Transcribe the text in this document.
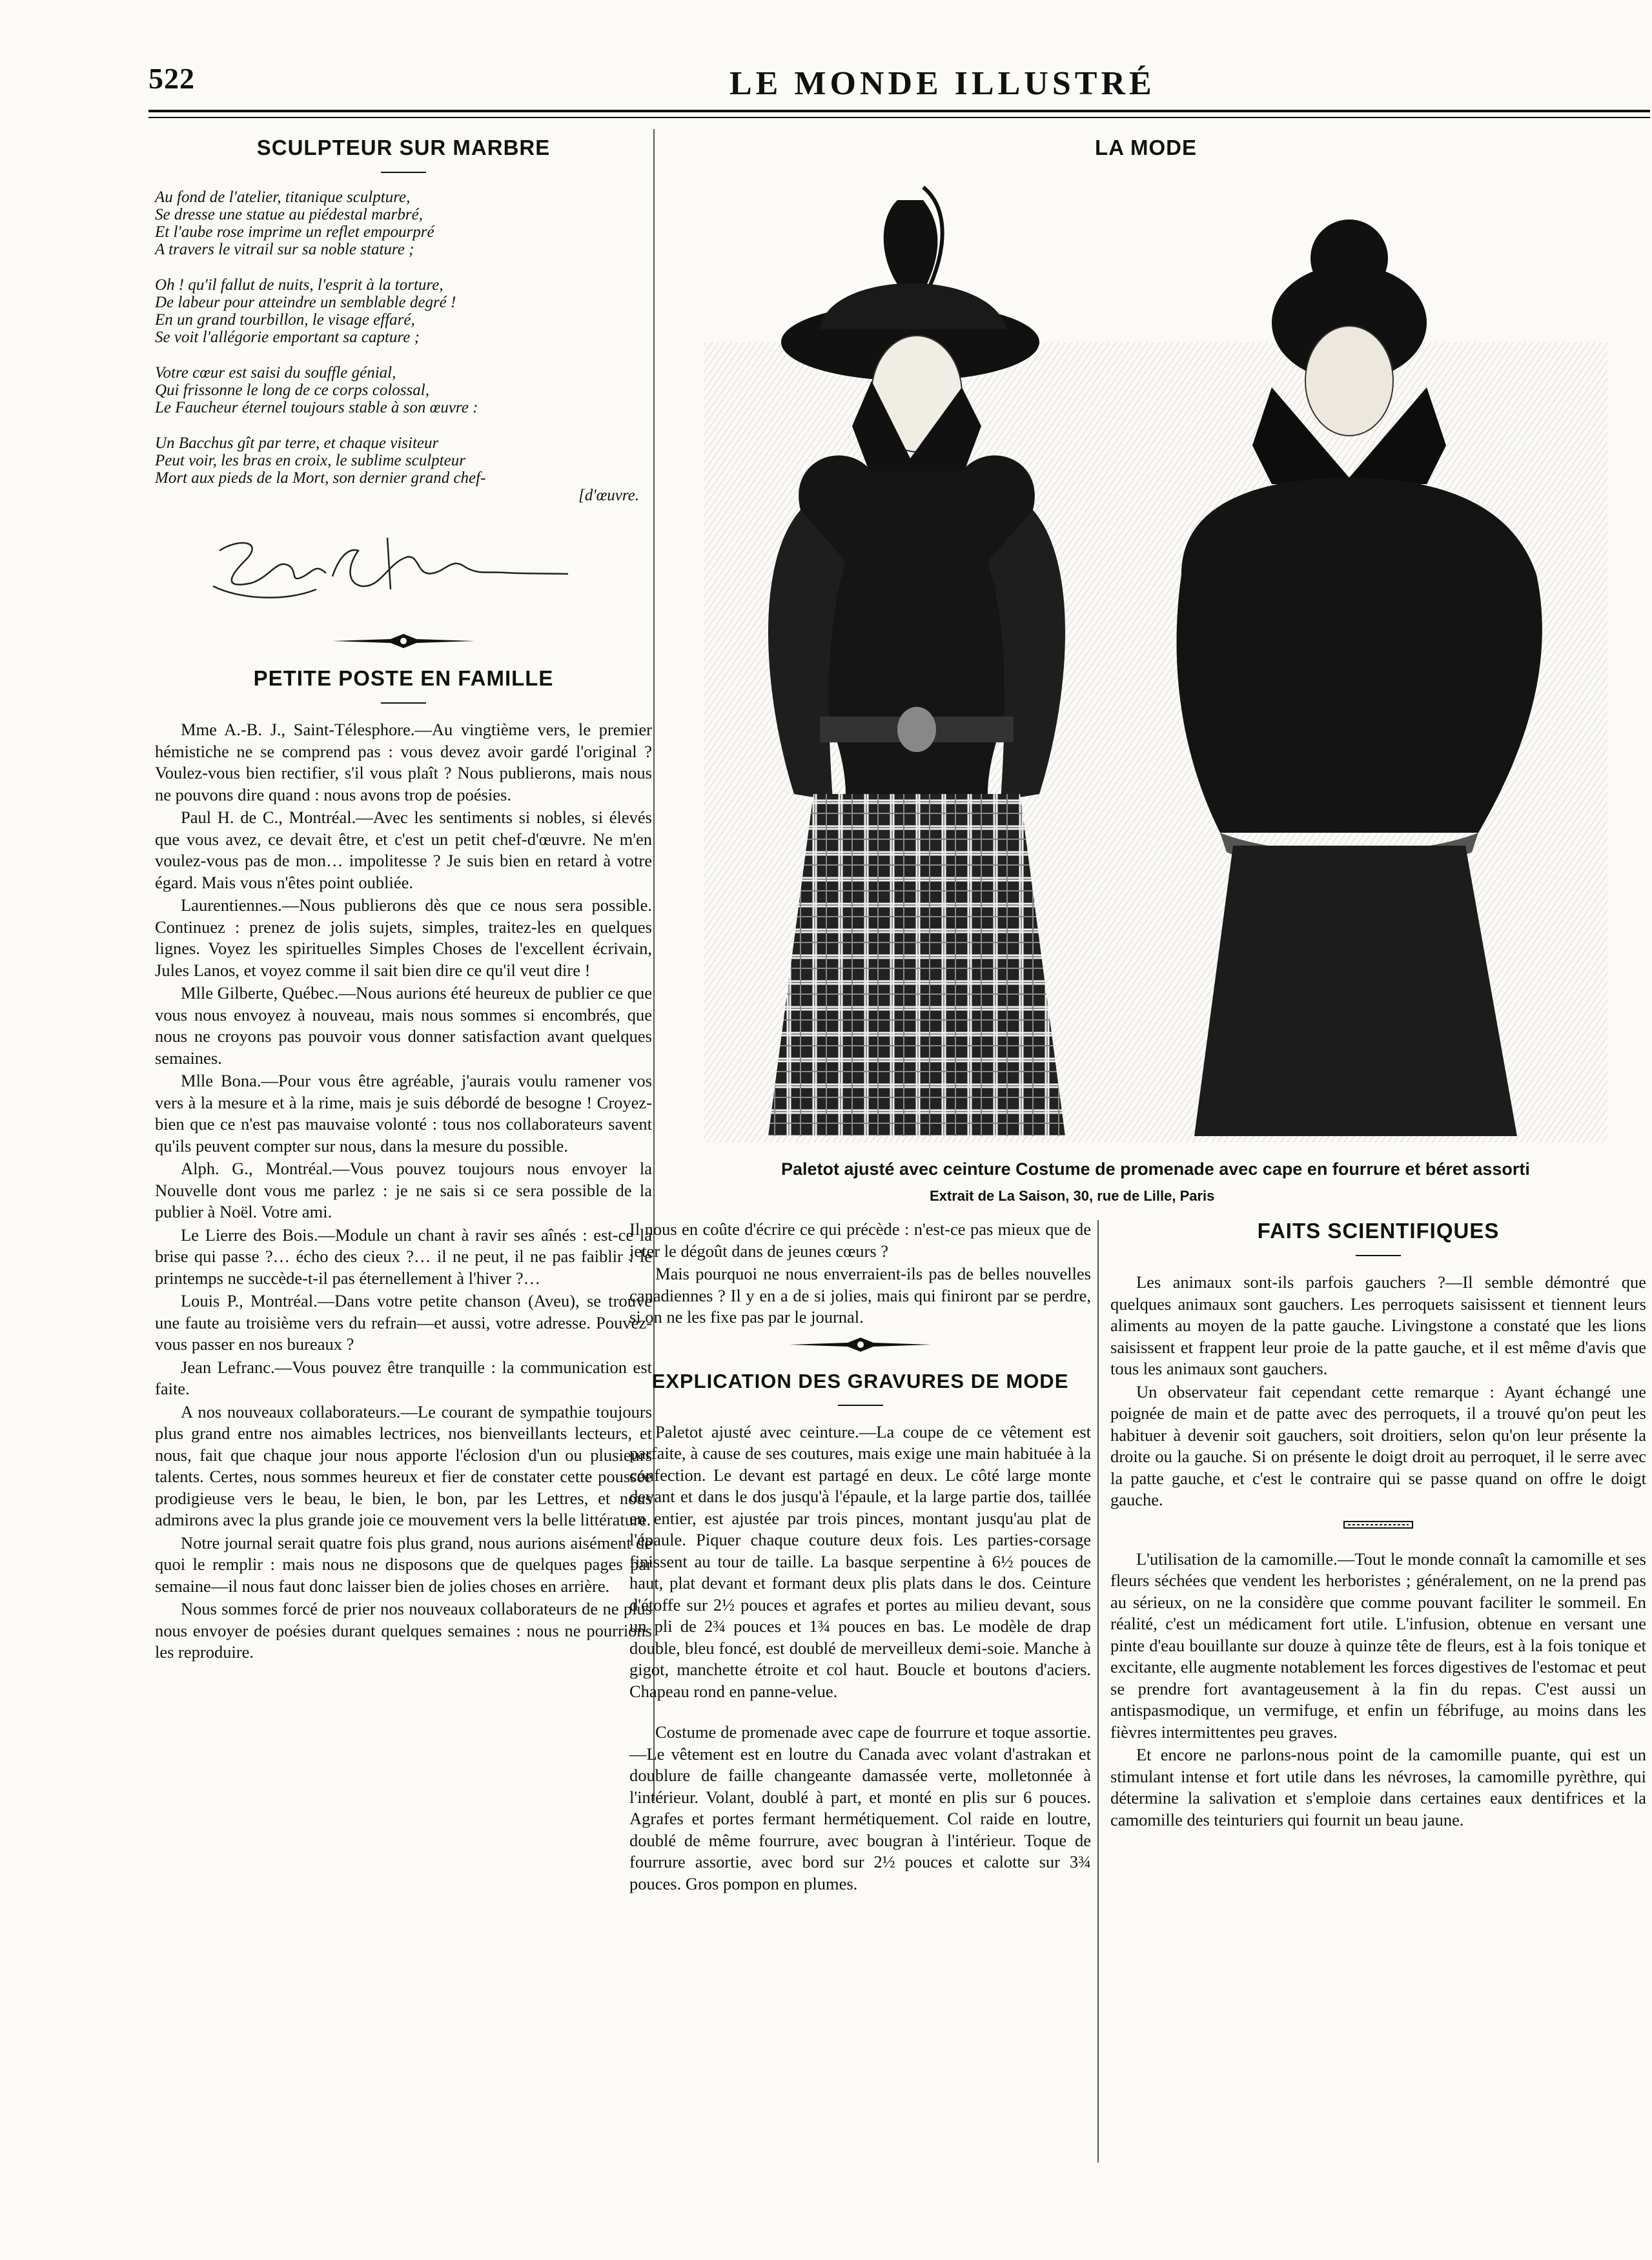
522	LE MONDE ILLUSTRÉ
SCULPTEUR SUR MARBRE

Au fond de l'atelier, titanique sculpture,

Se dresse une statue au piédestal marbré,

Et l'aube rose imprime un reflet empourpré

A travers le vitrail sur sa noble stature ;

Oh ! qu'il fallut de nuits, l'esprit à la torture,

De labeur pour atteindre un semblable degré !

En un grand tourbillon, le visage effaré,

Se voit l'allégorie emportant sa capture ;

Votre cœur est saisi du souffle génial,

Qui frissonne le long de ce corps colossal,

Le Faucheur éternel toujours stable à son œuvre :

Un Bacchus gît par terre, et chaque visiteur

Peut voir, les bras en croix, le sublime sculpteur

Mort aux pieds de la Mort, son dernier grand chef-

[d'œuvre.

PETITE POSTE EN FAMILLE

Mme A.-B. J., Saint-Télesphore.—Au vingtième vers, le premier hémistiche ne se comprend pas : vous devez avoir gardé l'original ? Voulez-vous bien rectifier, s'il vous plaît ? Nous publierons, mais nous ne pouvons dire quand : nous avons trop de poésies.

Paul H. de C., Montréal.—Avec les sentiments si nobles, si élevés que vous avez, ce devait être, et c'est un petit chef-d'œuvre. Ne m'en voulez-vous pas de mon… impolitesse ? Je suis bien en retard à votre égard. Mais vous n'êtes point oubliée.

Laurentiennes.—Nous publierons dès que ce nous sera possible. Continuez : prenez de jolis sujets, simples, traitez-les en quelques lignes. Voyez les spirituelles Simples Choses de l'excellent écrivain, Jules Lanos, et voyez comme il sait bien dire ce qu'il veut dire !

Mlle Gilberte, Québec.—Nous aurions été heureux de publier ce que vous nous envoyez à nouveau, mais nous sommes si encombrés, que nous ne croyons pas pouvoir vous donner satisfaction avant quelques semaines.

Mlle Bona.—Pour vous être agréable, j'aurais voulu ramener vos vers à la mesure et à la rime, mais je suis débordé de besogne ! Croyez-bien que ce n'est pas mauvaise volonté : tous nos collaborateurs savent qu'ils peuvent compter sur nous, dans la mesure du possible.

Alph. G., Montréal.—Vous pouvez toujours nous envoyer la Nouvelle dont vous me parlez : je ne sais si ce sera possible de la publier à Noël. Votre ami.

Le Lierre des Bois.—Module un chant à ravir ses aînés : est-ce la brise qui passe ?… écho des cieux ?… il ne peut, il ne pas faiblir : le printemps ne succède-t-il pas éternellement à l'hiver ?…

Louis P., Montréal.—Dans votre petite chanson (Aveu), se trouve une faute au troisième vers du refrain—et aussi, votre adresse. Pouvez-vous passer en nos bureaux ?

Jean Lefranc.—Vous pouvez être tranquille : la communication est faite.

A nos nouveaux collaborateurs.—Le courant de sympathie toujours plus grand entre nos aimables lectrices, nos bienveillants lecteurs, et nous, fait que chaque jour nous apporte l'éclosion d'un ou plusieurs talents. Certes, nous sommes heureux et fier de constater cette poussée prodigieuse vers le beau, le bien, le bon, par les Lettres, et nous admirons avec la plus grande joie ce mouvement vers la belle littérature.

Notre journal serait quatre fois plus grand, nous aurions aisément de quoi le remplir : mais nous ne disposons que de quelques pages par semaine—il nous faut donc laisser bien de jolies choses en arrière.

Nous sommes forcé de prier nos nouveaux collaborateurs de ne plus nous envoyer de poésies durant quelques semaines : nous ne pourrions les reproduire.

LA MODE
Paletot ajusté avec ceinture Costume de promenade avec cape en fourrure et béret assorti
Extrait de La Saison, 30, rue de Lille, Paris

Il nous en coûte d'écrire ce qui précède : n'est-ce pas mieux que de jeter le dégoût dans de jeunes cœurs ?

Mais pourquoi ne nous enverraient-ils pas de belles nouvelles canadiennes ? Il y en a de si jolies, mais qui finiront par se perdre, si on ne les fixe pas par le journal.

EXPLICATION DES GRAVURES DE MODE

Paletot ajusté avec ceinture.—La coupe de ce vêtement est parfaite, à cause de ses coutures, mais exige une main habituée à la confection. Le devant est partagé en deux. Le côté large monte devant et dans le dos jusqu'à l'épaule, et la large partie dos, taillée en entier, est ajustée par trois pinces, montant jusqu'au plat de l'épaule. Piquer chaque couture deux fois. Les parties-corsage finissent au tour de taille. La basque serpentine à 6½ pouces de haut, plat devant et formant deux plis plats dans le dos. Ceinture d'étoffe sur 2½ pouces et agrafes et portes au milieu devant, sous un pli de 2¾ pouces et 1¾ pouces en bas. Le modèle de drap double, bleu foncé, est doublé de merveilleux demi-soie. Manche à gigot, manchette étroite et col haut. Boucle et boutons d'aciers. Chapeau rond en panne-velue.

Costume de promenade avec cape de fourrure et toque assortie.—Le vêtement est en loutre du Canada avec volant d'astrakan et doublure de faille changeante damassée verte, molletonnée à l'intérieur. Volant, doublé à part, et monté en plis sur 6 pouces. Agrafes et portes fermant hermétiquement. Col raide en loutre, doublé de même fourrure, avec bougran à l'intérieur. Toque de fourrure assortie, avec bord sur 2½ pouces et calotte sur 3¾ pouces. Gros pompon en plumes.

FAITS SCIENTIFIQUES

Les animaux sont-ils parfois gauchers ?—Il semble démontré que quelques animaux sont gauchers. Les perroquets saisissent et tiennent leurs aliments au moyen de la patte gauche. Livingstone a constaté que les lions saisissent et frappent leur proie de la patte gauche, et il est même d'avis que tous les animaux sont gauchers.

Un observateur fait cependant cette remarque : Ayant échangé une poignée de main et de patte avec des perroquets, il a trouvé qu'on peut les habituer à devenir soit gauchers, soit droitiers, selon qu'on leur présente la droite ou la gauche. Si on présente le doigt droit au perroquet, il le serre avec la patte gauche, et c'est le contraire qui se passe quand on offre le doigt gauche.

L'utilisation de la camomille.—Tout le monde connaît la camomille et ses fleurs séchées que vendent les herboristes ; généralement, on ne la prend pas au sérieux, on ne la considère que comme pouvant faciliter le sommeil. En réalité, c'est un médicament fort utile. L'infusion, obtenue en versant une pinte d'eau bouillante sur douze à quinze tête de fleurs, est à la fois tonique et excitante, elle augmente notablement les forces digestives de l'estomac et peut se prendre fort avantageusement à la fin du repas. C'est aussi un antispasmodique, un vermifuge, et enfin un fébrifuge, au moins dans les fièvres intermittentes peu graves.

Et encore ne parlons-nous point de la camomille puante, qui est un stimulant intense et fort utile dans les névroses, la camomille pyrèthre, qui détermine la salivation et s'emploie dans certaines eaux dentifrices et la camomille des teinturiers qui fournit un beau jaune.
